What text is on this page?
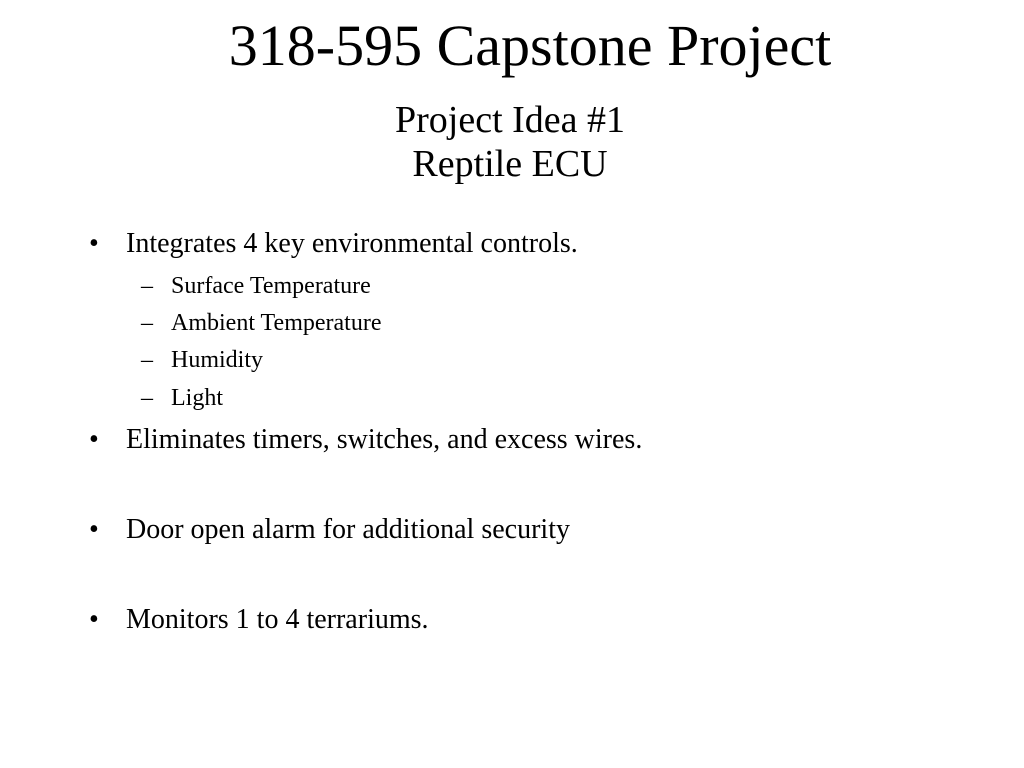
318-595 Capstone Project
Project Idea #1
Reptile ECU
• Integrates 4 key environmental controls.
– Surface Temperature
– Ambient Temperature
– Humidity
– Light
• Eliminates timers, switches, and excess wires.
• Door open alarm for additional security
• Monitors 1 to 4 terrariums.
